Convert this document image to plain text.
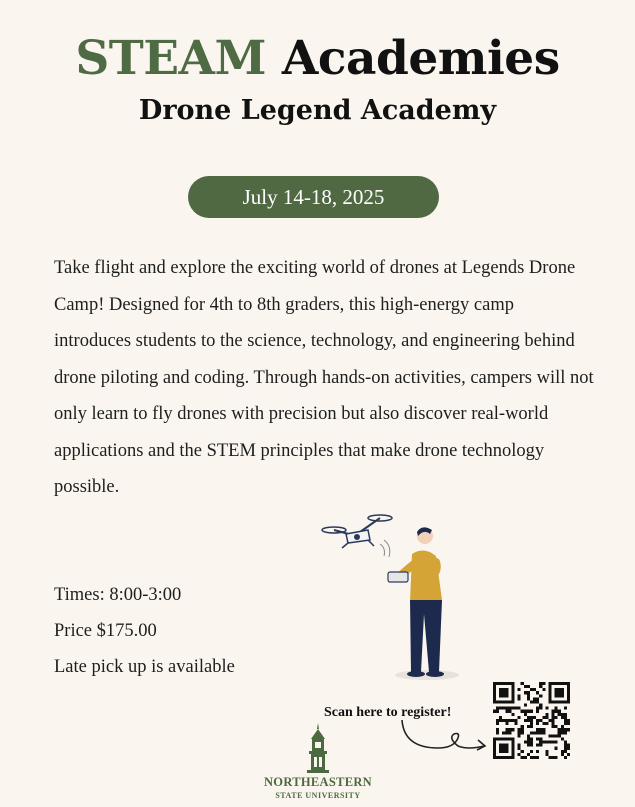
STEAM Academies
Drone Legend Academy
July 14-18, 2025
Take flight and explore the exciting world of drones at Legends Drone Camp! Designed for 4th to 8th graders, this high-energy camp introduces students to the science, technology, and engineering behind drone piloting and coding. Through hands-on activities, campers will not only learn to fly drones with precision but also discover real-world applications and the STEM principles that make drone technology possible.
Times: 8:00-3:00
Price $175.00
Late pick up is available
Scan here to register!
NORTHEASTERN
STATE UNIVERSITY
